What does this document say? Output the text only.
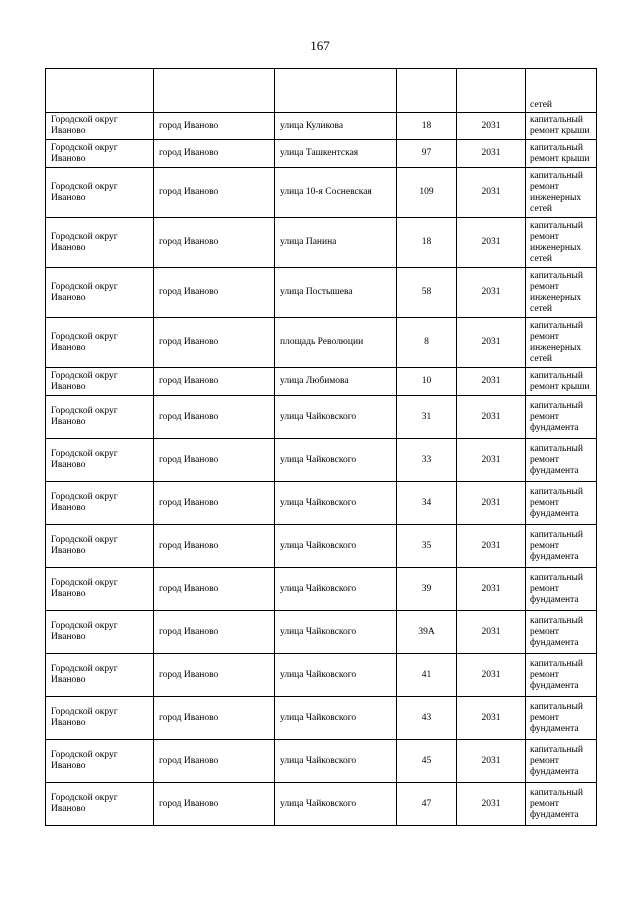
167
					сетей
Городской округ Иваново	город Иваново	улица Куликова	18	2031	капитальный ремонт крыши
Городской округ Иваново	город Иваново	улица Ташкентская	97	2031	капитальный ремонт крыши
Городской округ Иваново	город Иваново	улица 10-я Сосневская	109	2031	капитальный ремонт инженерных сетей
Городской округ Иваново	город Иваново	улица Панина	18	2031	капитальный ремонт инженерных сетей
Городской округ Иваново	город Иваново	улица Постышева	58	2031	капитальный ремонт инженерных сетей
Городской округ Иваново	город Иваново	площадь Революции	8	2031	капитальный ремонт инженерных сетей
Городской округ Иваново	город Иваново	улица Любимова	10	2031	капитальный ремонт крыши
Городской округ Иваново	город Иваново	улица Чайковского	31	2031	капитальный ремонт фундамента
Городской округ Иваново	город Иваново	улица Чайковского	33	2031	капитальный ремонт фундамента
Городской округ Иваново	город Иваново	улица Чайковского	34	2031	капитальный ремонт фундамента
Городской округ Иваново	город Иваново	улица Чайковского	35	2031	капитальный ремонт фундамента
Городской округ Иваново	город Иваново	улица Чайковского	39	2031	капитальный ремонт фундамента
Городской округ Иваново	город Иваново	улица Чайковского	39А	2031	капитальный ремонт фундамента
Городской округ Иваново	город Иваново	улица Чайковского	41	2031	капитальный ремонт фундамента
Городской округ Иваново	город Иваново	улица Чайковского	43	2031	капитальный ремонт фундамента
Городской округ Иваново	город Иваново	улица Чайковского	45	2031	капитальный ремонт фундамента
Городской округ Иваново	город Иваново	улица Чайковского	47	2031	капитальный ремонт фундамента
